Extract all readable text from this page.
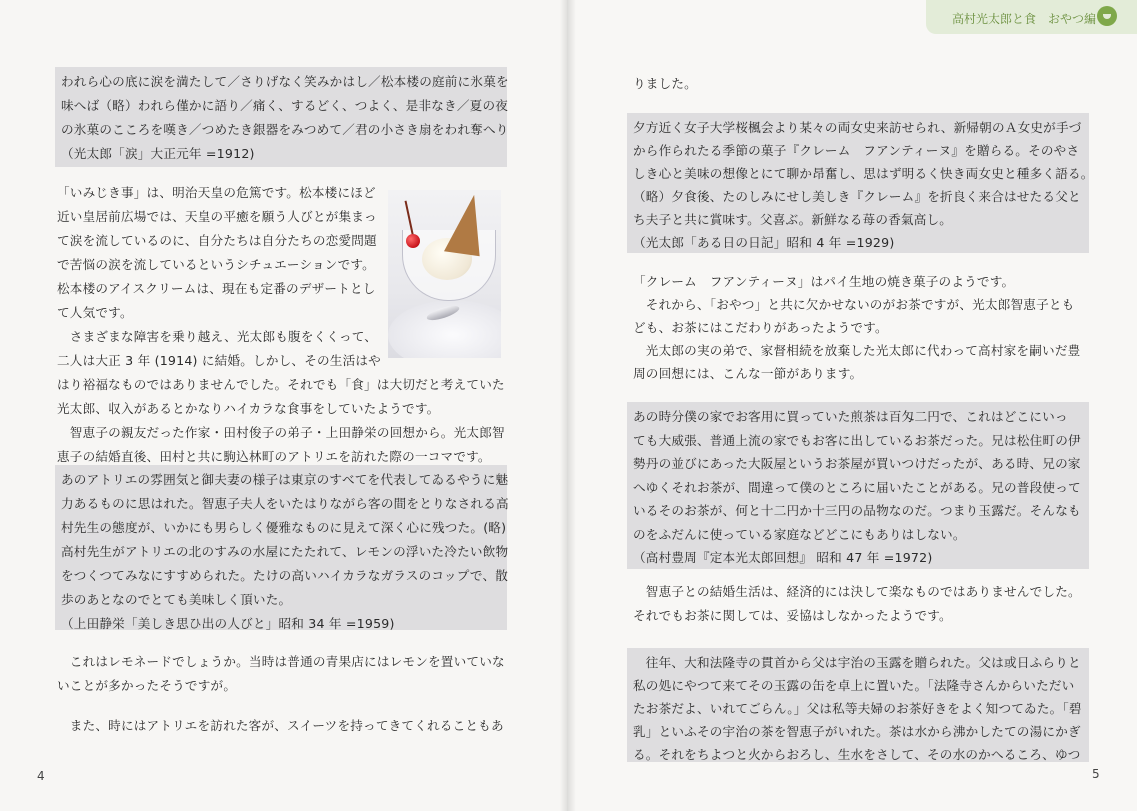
高村光太郎と食　おやつ編
われら心の底に涙を満たして／さりげなく笑みかはし／松本楼の庭前に氷菓を
味へば（略）われら僅かに語り／痛く、するどく、つよく、是非なき／夏の夜
の氷菓のこころを嘆き／つめたき銀器をみつめて／君の小さき扇をわれ奪へり
（光太郎「涙」大正元年 =1912)
「いみじき事」は、明治天皇の危篤です。松本楼にほど
近い皇居前広場では、天皇の平癒を願う人びとが集まっ
て涙を流しているのに、自分たちは自分たちの恋愛問題
で苦悩の涙を流しているというシチュエーションです。
松本楼のアイスクリームは、現在も定番のデザートとし
て人気です。
　さまざまな障害を乗り越え、光太郎も腹をくくって、
二人は大正 3 年 (1914) に結婚。しかし、その生活はや
はり裕福なものではありませんでした。それでも「食」は大切だと考えていた
光太郎、収入があるとかなりハイカラな食事をしていたようです。
　智恵子の親友だった作家・田村俊子の弟子・上田静栄の回想から。光太郎智
恵子の結婚直後、田村と共に駒込林町のアトリエを訪れた際の一コマです。
あのアトリエの雰囲気と御夫妻の様子は東京のすべてを代表してゐるやうに魅
力あるものに思はれた。智恵子夫人をいたはりながら客の間をとりなされる高
村先生の態度が、いかにも男らしく優雅なものに見えて深く心に残つた。(略)
高村先生がアトリエの北のすみの水屋にたたれて、レモンの浮いた冷たい飲物
をつくつてみなにすすめられた。たけの高いハイカラなガラスのコップで、散
歩のあとなのでとても美味しく頂いた。
（上田静栄「美しき思ひ出の人びと」昭和 34 年 =1959)
　これはレモネードでしょうか。当時は普通の青果店にはレモンを置いていな
いことが多かったそうですが。
　また、時にはアトリエを訪れた客が、スイーツを持ってきてくれることもあ
4
りました。
夕方近く女子大学桜楓会より某々の両女史来訪せられ、新帰朝のＡ女史が手づ
から作られたる季節の菓子『クレーム　フアンティーヌ』を贈らる。そのやさ
しき心と美味の想像とにて聊か昂奮し、思はず明るく快き両女史と種多く語る。
（略）夕食後、たのしみにせし美しき『クレーム』を折良く来合はせたる父と
ち夫子と共に賞味す。父喜ぶ。新鮮なる苺の香氣高し。
（光太郎「ある日の日記」昭和 4 年 =1929)
「クレーム　フアンティーヌ」はパイ生地の焼き菓子のようです。
　それから、「おやつ」と共に欠かせないのがお茶ですが、光太郎智恵子とも
ども、お茶にはこだわりがあったようです。
　光太郎の実の弟で、家督相続を放棄した光太郎に代わって高村家を嗣いだ豊
周の回想には、こんな一節があります。
あの時分僕の家でお客用に買っていた煎茶は百匁二円で、これはどこにいっ
ても大威張、普通上流の家でもお客に出しているお茶だった。兄は松住町の伊
勢丹の並びにあった大阪屋というお茶屋が買いつけだったが、ある時、兄の家
へゆくそれお茶が、間違って僕のところに届いたことがある。兄の普段使って
いるそのお茶が、何と十二円か十三円の品物なのだ。つまり玉露だ。そんなも
のをふだんに使っている家庭などどこにもありはしない。
（高村豊周『定本光太郎回想』 昭和 47 年 =1972)
　智恵子との結婚生活は、経済的には決して楽なものではありませんでした。
それでもお茶に関しては、妥協はしなかったようです。
　往年、大和法隆寺の貫首から父は宇治の玉露を贈られた。父は或日ふらりと
私の処にやつて来てその玉露の缶を卓上に置いた。「法隆寺さんからいただい
たお茶だよ、いれてごらん。」父は私等夫婦のお茶好きをよく知つてゐた。「碧
乳」といふその宇治の茶を智恵子がいれた。茶は水から沸かしたての湯にかぎ
る。それをちよつと火からおろし、生水をさして、その水のかへるころ、ゆつ
5
